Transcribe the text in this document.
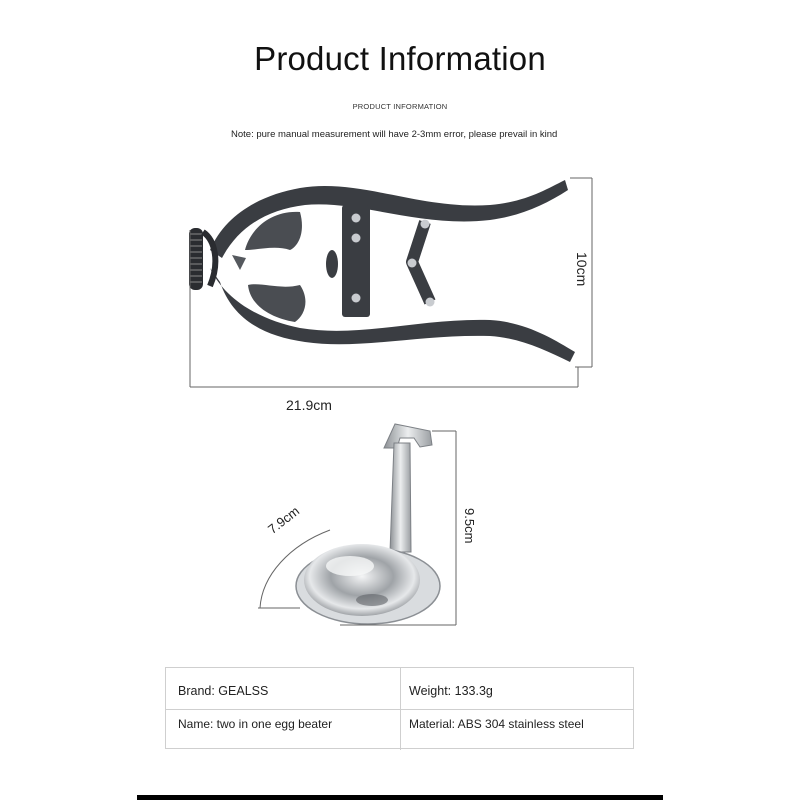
Product Information
PRODUCT INFORMATION
Note: pure manual measurement will have 2-3mm error, please prevail in kind
21.9cm
10cm
7.9cm	9.5cm
Brand: GEALSS	Weight: 133.3g
Name: two in one egg beater	Material: ABS 304 stainless steel
